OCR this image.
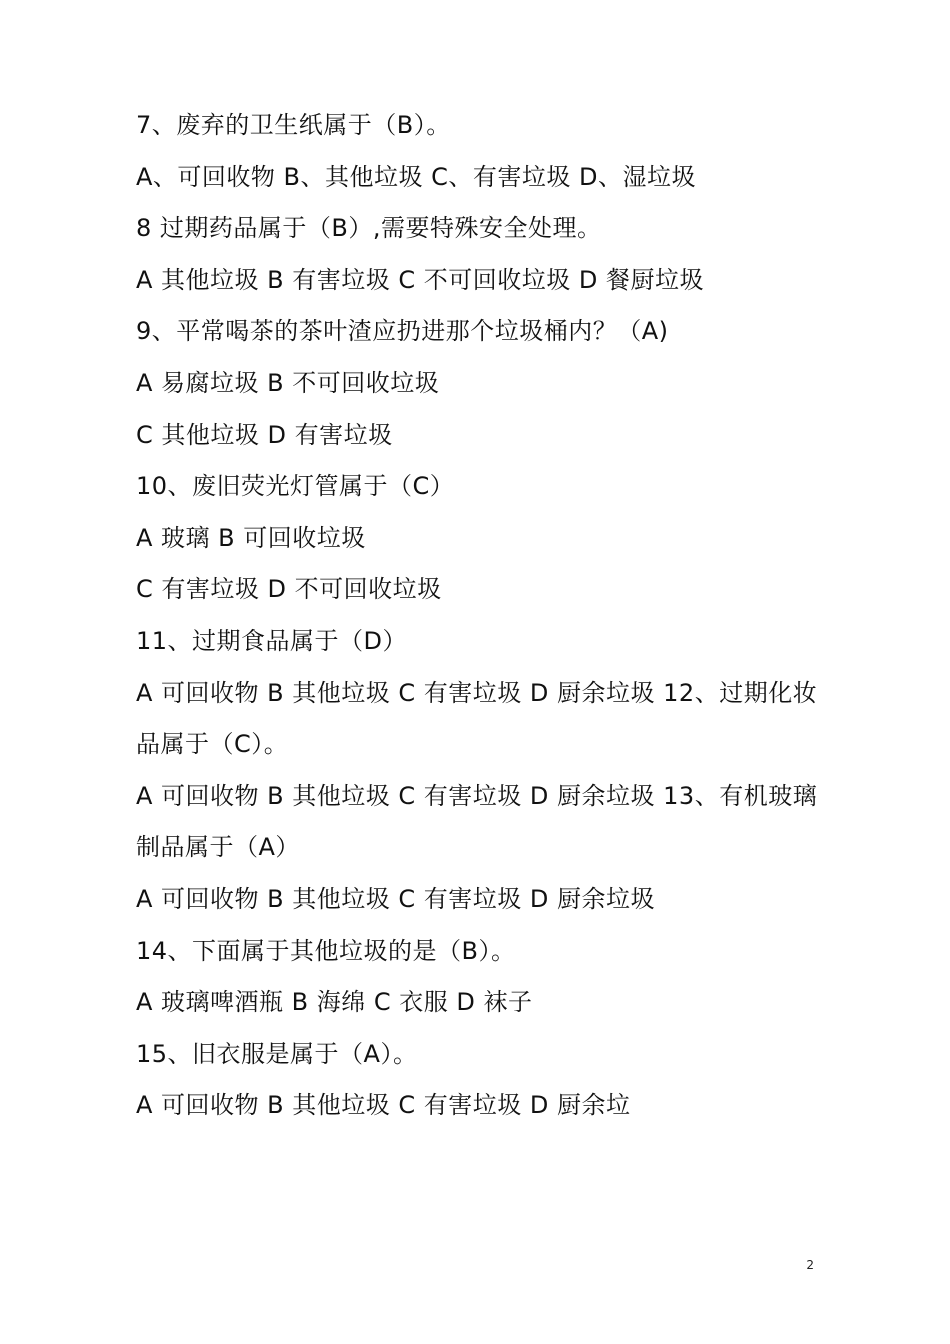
7、废弃的卫生纸属于（B）。
A、可回收物 B、其他垃圾 C、有害垃圾 D、湿垃圾
8 过期药品属于（B）,需要特殊安全处理。
A 其他垃圾 B 有害垃圾 C 不可回收垃圾 D 餐厨垃圾
9、平常喝茶的茶叶渣应扔进那个垃圾桶内？（A)
A 易腐垃圾 B 不可回收垃圾
C 其他垃圾 D 有害垃圾
10、废旧荧光灯管属于（C）
A 玻璃 B 可回收垃圾
C 有害垃圾 D 不可回收垃圾
11、过期食品属于（D）
A 可回收物 B 其他垃圾 C 有害垃圾 D 厨余垃圾 12、过期化妆
品属于（C）。
A 可回收物 B 其他垃圾 C 有害垃圾 D 厨余垃圾 13、有机玻璃
制品属于（A）
A 可回收物 B 其他垃圾 C 有害垃圾 D 厨余垃圾
14、下面属于其他垃圾的是（B）。
A 玻璃啤酒瓶 B 海绵 C 衣服 D 袜子
15、旧衣服是属于（A）。
A 可回收物 B 其他垃圾 C 有害垃圾 D 厨余垃
2
